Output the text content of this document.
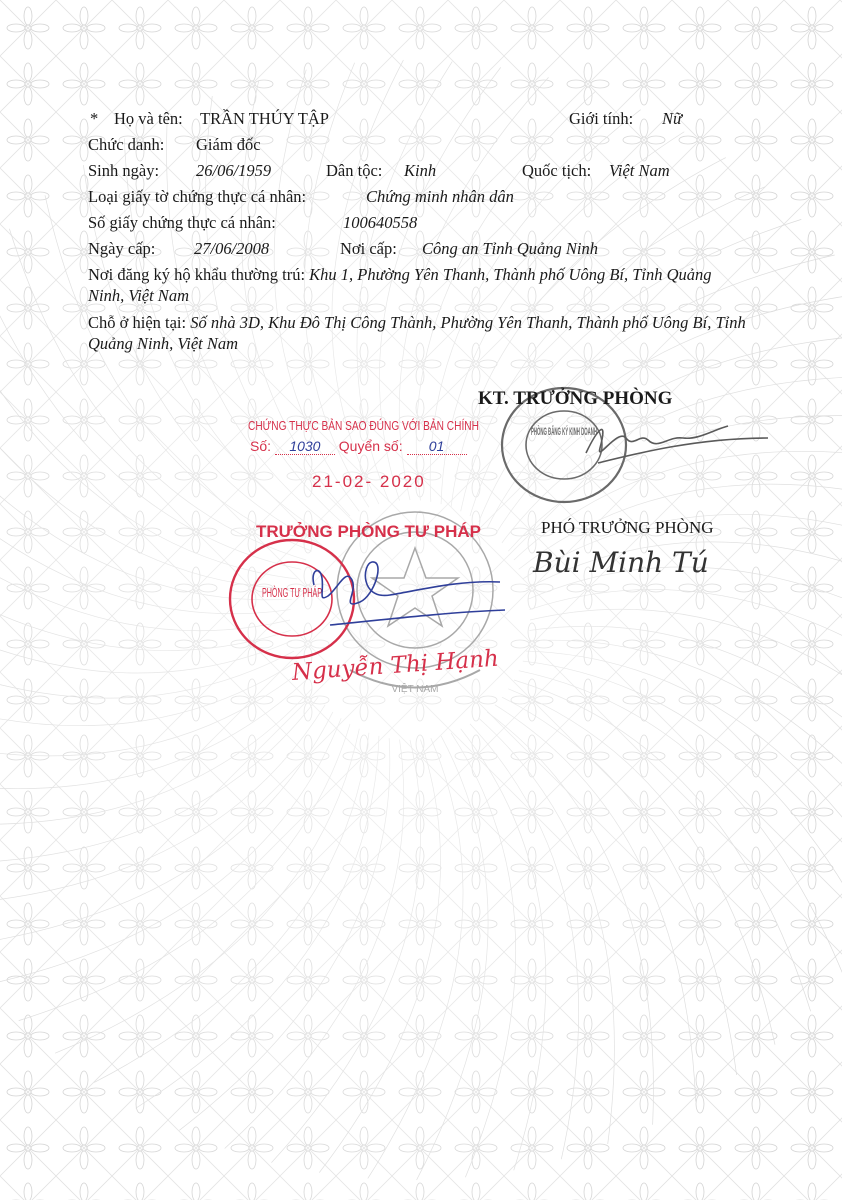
* Họ và tên: TRẦN THÚY TẬP	Giới tính: Nữ
Chức danh: Giám đốc
Sinh ngày: 26/06/1959	Dân tộc: Kinh	Quốc tịch: Việt Nam
Loại giấy tờ chứng thực cá nhân:	Chứng minh nhân dân
Số giấy chứng thực cá nhân:	100640558
Ngày cấp: 27/06/2008	Nơi cấp: Công an Tỉnh Quảng Ninh
Nơi đăng ký hộ khẩu thường trú: Khu 1, Phường Yên Thanh, Thành phố Uông Bí, Tỉnh Quảng Ninh, Việt Nam
Chỗ ở hiện tại: Số nhà 3D, Khu Đô Thị Công Thành, Phường Yên Thanh, Thành phố Uông Bí, Tỉnh Quảng Ninh, Việt Nam
KT. TRƯỞNG PHÒNG
PHÒNG ĐĂNG KÝ KINH DOANH
PHÓ TRƯỞNG PHÒNG
Bùi Minh Tú
CHỨNG THỰC BẢN SAO ĐÚNG VỚI BẢN CHÍNH
Số: 1030 Quyển số: 01
21-02- 2020
TRƯỞNG PHÒNG TƯ PHÁP
VIỆT NAM
PHÒNG TƯ PHÁP
Nguyễn Thị Hạnh
